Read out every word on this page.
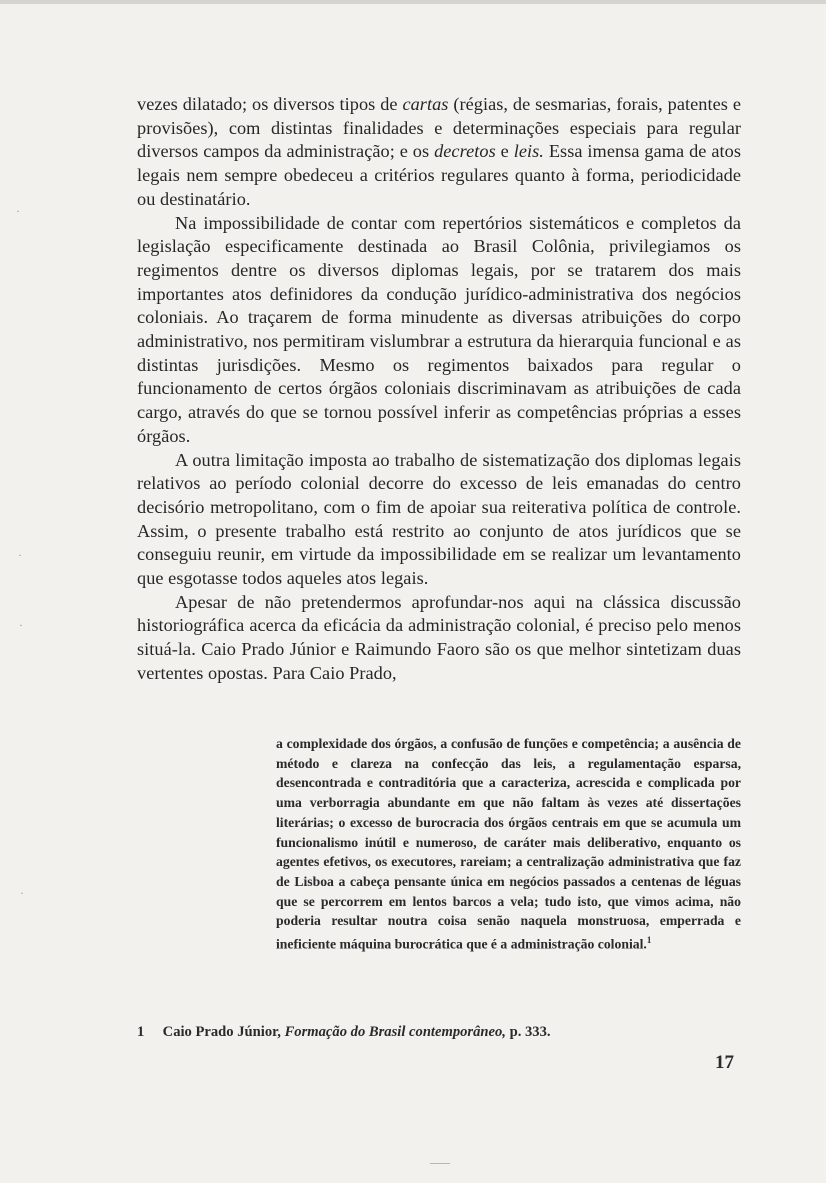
vezes dilatado; os diversos tipos de cartas (régias, de sesmarias, forais, patentes e provisões), com distintas finalidades e determinações especiais para regular diversos campos da administração; e os decretos e leis. Essa imensa gama de atos legais nem sempre obedeceu a critérios regulares quanto à forma, periodicidade ou destinatário.

Na impossibilidade de contar com repertórios sistemáticos e completos da legislação especificamente destinada ao Brasil Colônia, privilegiamos os regimentos dentre os diversos diplomas legais, por se tratarem dos mais importantes atos definidores da condução jurídico-administrativa dos negócios coloniais. Ao traçarem de forma minudente as diversas atribuições do corpo administrativo, nos permitiram vislumbrar a estrutura da hierarquia funcional e as distintas jurisdições. Mesmo os regimentos baixados para regular o funcionamento de certos órgãos coloniais discriminavam as atribuições de cada cargo, através do que se tornou possível inferir as competências próprias a esses órgãos.

A outra limitação imposta ao trabalho de sistematização dos diplomas legais relativos ao período colonial decorre do excesso de leis emanadas do centro decisório metropolitano, com o fim de apoiar sua reiterativa política de controle. Assim, o presente trabalho está restrito ao conjunto de atos jurídicos que se conseguiu reunir, em virtude da impossibilidade em se realizar um levantamento que esgotasse todos aqueles atos legais.

Apesar de não pretendermos aprofundar-nos aqui na clássica discussão historiográfica acerca da eficácia da administração colonial, é preciso pelo menos situá-la. Caio Prado Júnior e Raimundo Faoro são os que melhor sintetizam duas vertentes opostas. Para Caio Prado,

a complexidade dos órgãos, a confusão de funções e competência; a ausência de método e clareza na confecção das leis, a regulamentação esparsa, desencontrada e contraditória que a caracteriza, acrescida e complicada por uma verborragia abundante em que não faltam às vezes até dissertações literárias; o excesso de burocracia dos órgãos centrais em que se acumula um funcionalismo inútil e numeroso, de caráter mais deliberativo, enquanto os agentes efetivos, os executores, rareiam; a centralização administrativa que faz de Lisboa a cabeça pensante única em negócios passados a centenas de léguas que se percorrem em lentos barcos a vela; tudo isto, que vimos acima, não poderia resultar noutra coisa senão naquela monstruosa, emperrada e ineficiente máquina burocrática que é a administração colonial.$^1$

1 Caio Prado Júnior, Formação do Brasil contemporâneo, p. 333.

17
·
·
·
·
